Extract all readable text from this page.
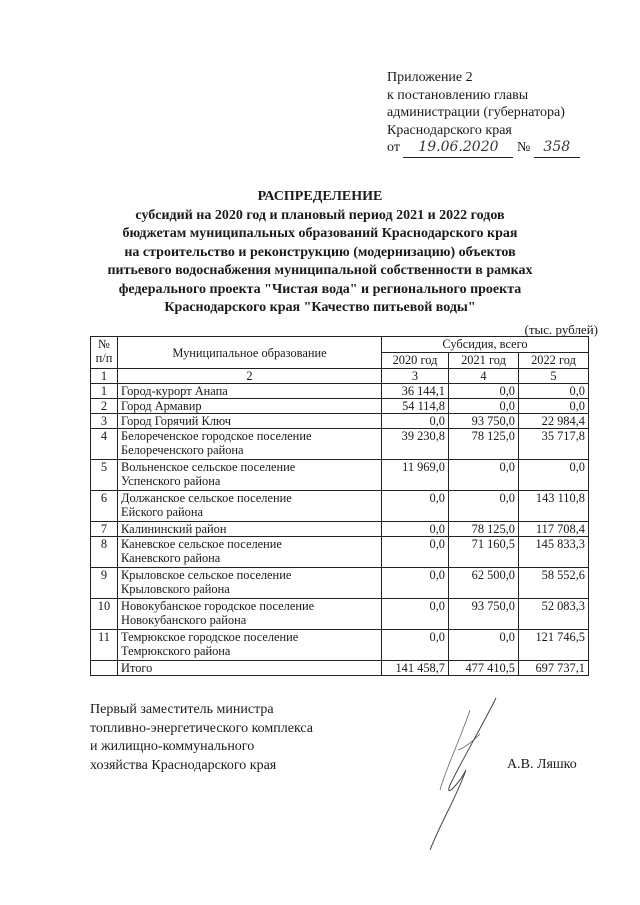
Приложение 2
к постановлению главы
администрации (губернатора)
Краснодарского края
от 19.06.2020 № 358
РАСПРЕДЕЛЕНИЕ
субсидий на 2020 год и плановый период 2021 и 2022 годов
бюджетам муниципальных образований Краснодарского края
на строительство и реконструкцию (модернизацию) объектов
питьевого водоснабжения муниципальной собственности в рамках
федерального проекта "Чистая вода" и регионального проекта
Краснодарского края "Качество питьевой воды"
(тыс. рублей)
№ п/п	Муниципальное образование	Субсидия, всего		
		2020 год	2021 год	2022 год
1	2	3	4	5
1	Город-курорт Анапа	36 144,1	0,0	0,0
2	Город Армавир	54 114,8	0,0	0,0
3	Город Горячий Ключ	0,0	93 750,0	22 984,4
4	Белореченское городское поселение
Белореченского района	39 230,8	78 125,0	35 717,8
5	Вольненское сельское поселение
Успенского района	11 969,0	0,0	0,0
6	Должанское сельское поселение
Ейского района	0,0	0,0	143 110,8
7	Калининский район	0,0	78 125,0	117 708,4
8	Каневское сельское поселение
Каневского района	0,0	71 160,5	145 833,3
9	Крыловское сельское поселение
Крыловского района	0,0	62 500,0	58 552,6
10	Новокубанское городское поселение
Новокубанского района	0,0	93 750,0	52 083,3
11	Темрюкское городское поселение
Темрюкского района	0,0	0,0	121 746,5
	Итого	141 458,7	477 410,5	697 737,1
Первый заместитель министра
топливно-энергетического комплекса
и жилищно-коммунального
хозяйства Краснодарского края	А.В. Ляшко
